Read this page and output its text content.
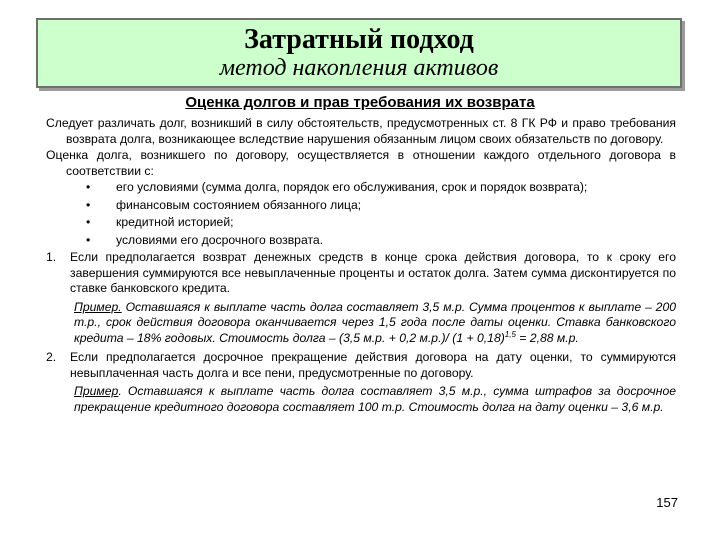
Затратный подход
метод накопления активов
Оценка долгов и прав требования их возврата

Следует различать долг, возникший в силу обстоятельств, предусмотренных ст. 8 ГК РФ и право требования возврата долга, возникающее вследствие нарушения обязанным лицом своих обязательств по договору.

Оценка долга, возникшего по договору, осуществляется в отношении каждого отдельного договора в соответствии с:

• его условиями (сумма долга, порядок его обслуживания, срок и порядок возврата);
• финансовым состоянием обязанного лица;
• кредитной историей;
• условиями его досрочного возврата.
1. Если предполагается возврат денежных средств в конце срока действия договора, то к сроку его завершения суммируются все невыплаченные проценты и остаток долга. Затем сумма дисконтируется по ставке банковского кредита.
Пример. Оставшаяся к выплате часть долга составляет 3,5 м.р. Сумма процентов к выплате – 200 т.р., срок действия договора оканчивается через 1,5 года после даты оценки. Ставка банковского кредита – 18% годовых. Стоимость долга – (3,5 м.р. + 0,2 м.р.)/ $(1 + 0,18)^{1,5} = 2,88$ м.р.
2. Если предполагается досрочное прекращение действия договора на дату оценки, то суммируются невыплаченная часть долга и все пени, предусмотренные по договору.
Пример. Оставшаяся к выплате часть долга составляет 3,5 м.р., сумма штрафов за досрочное прекращение кредитного договора составляет 100 т.р. Стоимость долга на дату оценки – 3,6 м.р.
157
